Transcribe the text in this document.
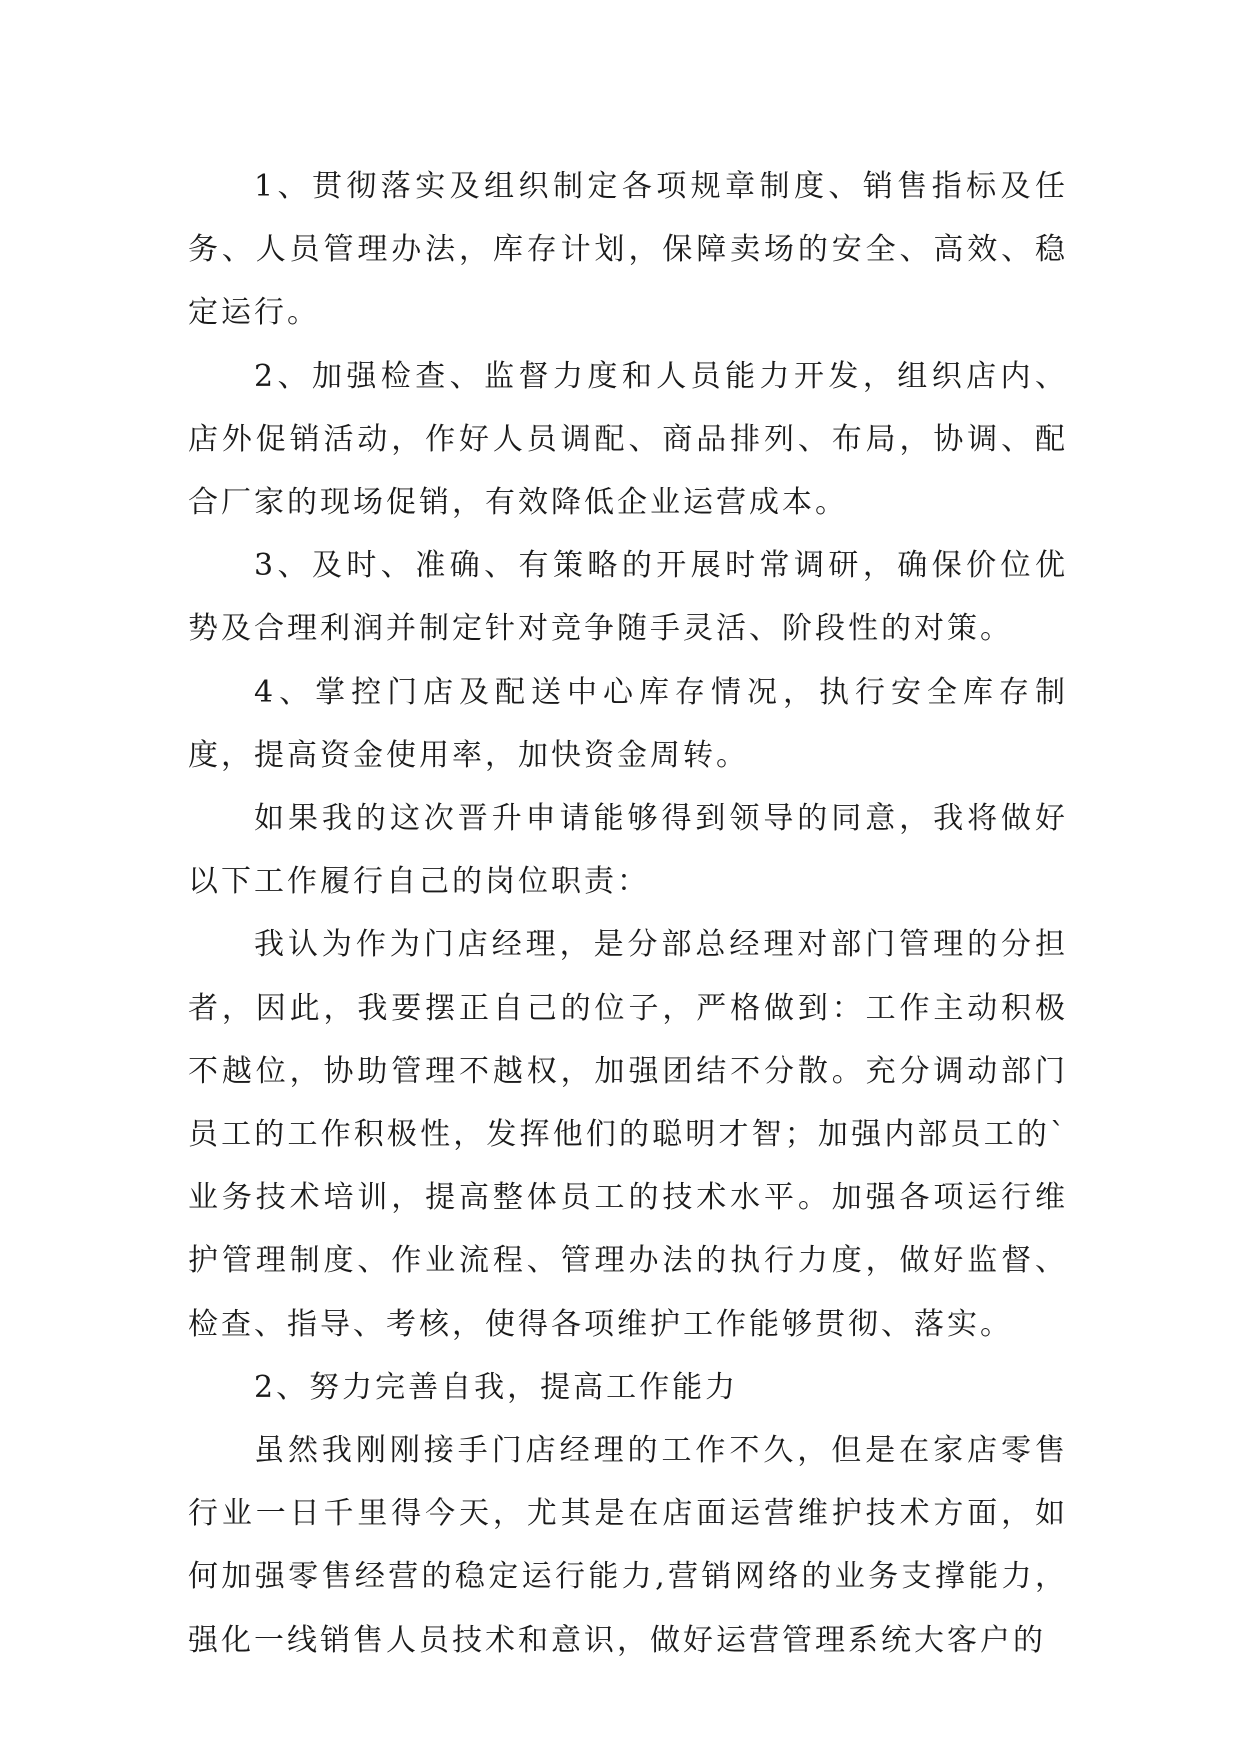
1、贯彻落实及组织制定各项规章制度、销售指标及任务、人员管理办法，库存计划，保障卖场的安全、高效、稳定运行。

2、加强检查、监督力度和人员能力开发，组织店内、店外促销活动，作好人员调配、商品排列、布局，协调、配合厂家的现场促销，有效降低企业运营成本。

3、及时、准确、有策略的开展时常调研，确保价位优势及合理利润并制定针对竞争随手灵活、阶段性的对策。

4、掌控门店及配送中心库存情况，执行安全库存制度，提高资金使用率，加快资金周转。

如果我的这次晋升申请能够得到领导的同意，我将做好以下工作履行自己的岗位职责：

我认为作为门店经理，是分部总经理对部门管理的分担者，因此，我要摆正自己的位子，严格做到：工作主动积极不越位，协助管理不越权，加强团结不分散。充分调动部门员工的工作积极性，发挥他们的聪明才智；加强内部员工的`业务技术培训，提高整体员工的技术水平。加强各项运行维护管理制度、作业流程、管理办法的执行力度，做好监督、检查、指导、考核，使得各项维护工作能够贯彻、落实。

2、努力完善自我，提高工作能力

虽然我刚刚接手门店经理的工作不久，但是在家店零售行业一日千里得今天，尤其是在店面运营维护技术方面，如何加强零售经营的稳定运行能力,营销网络的业务支撑能力，强化一线销售人员技术和意识，做好运营管理系统大客户的
